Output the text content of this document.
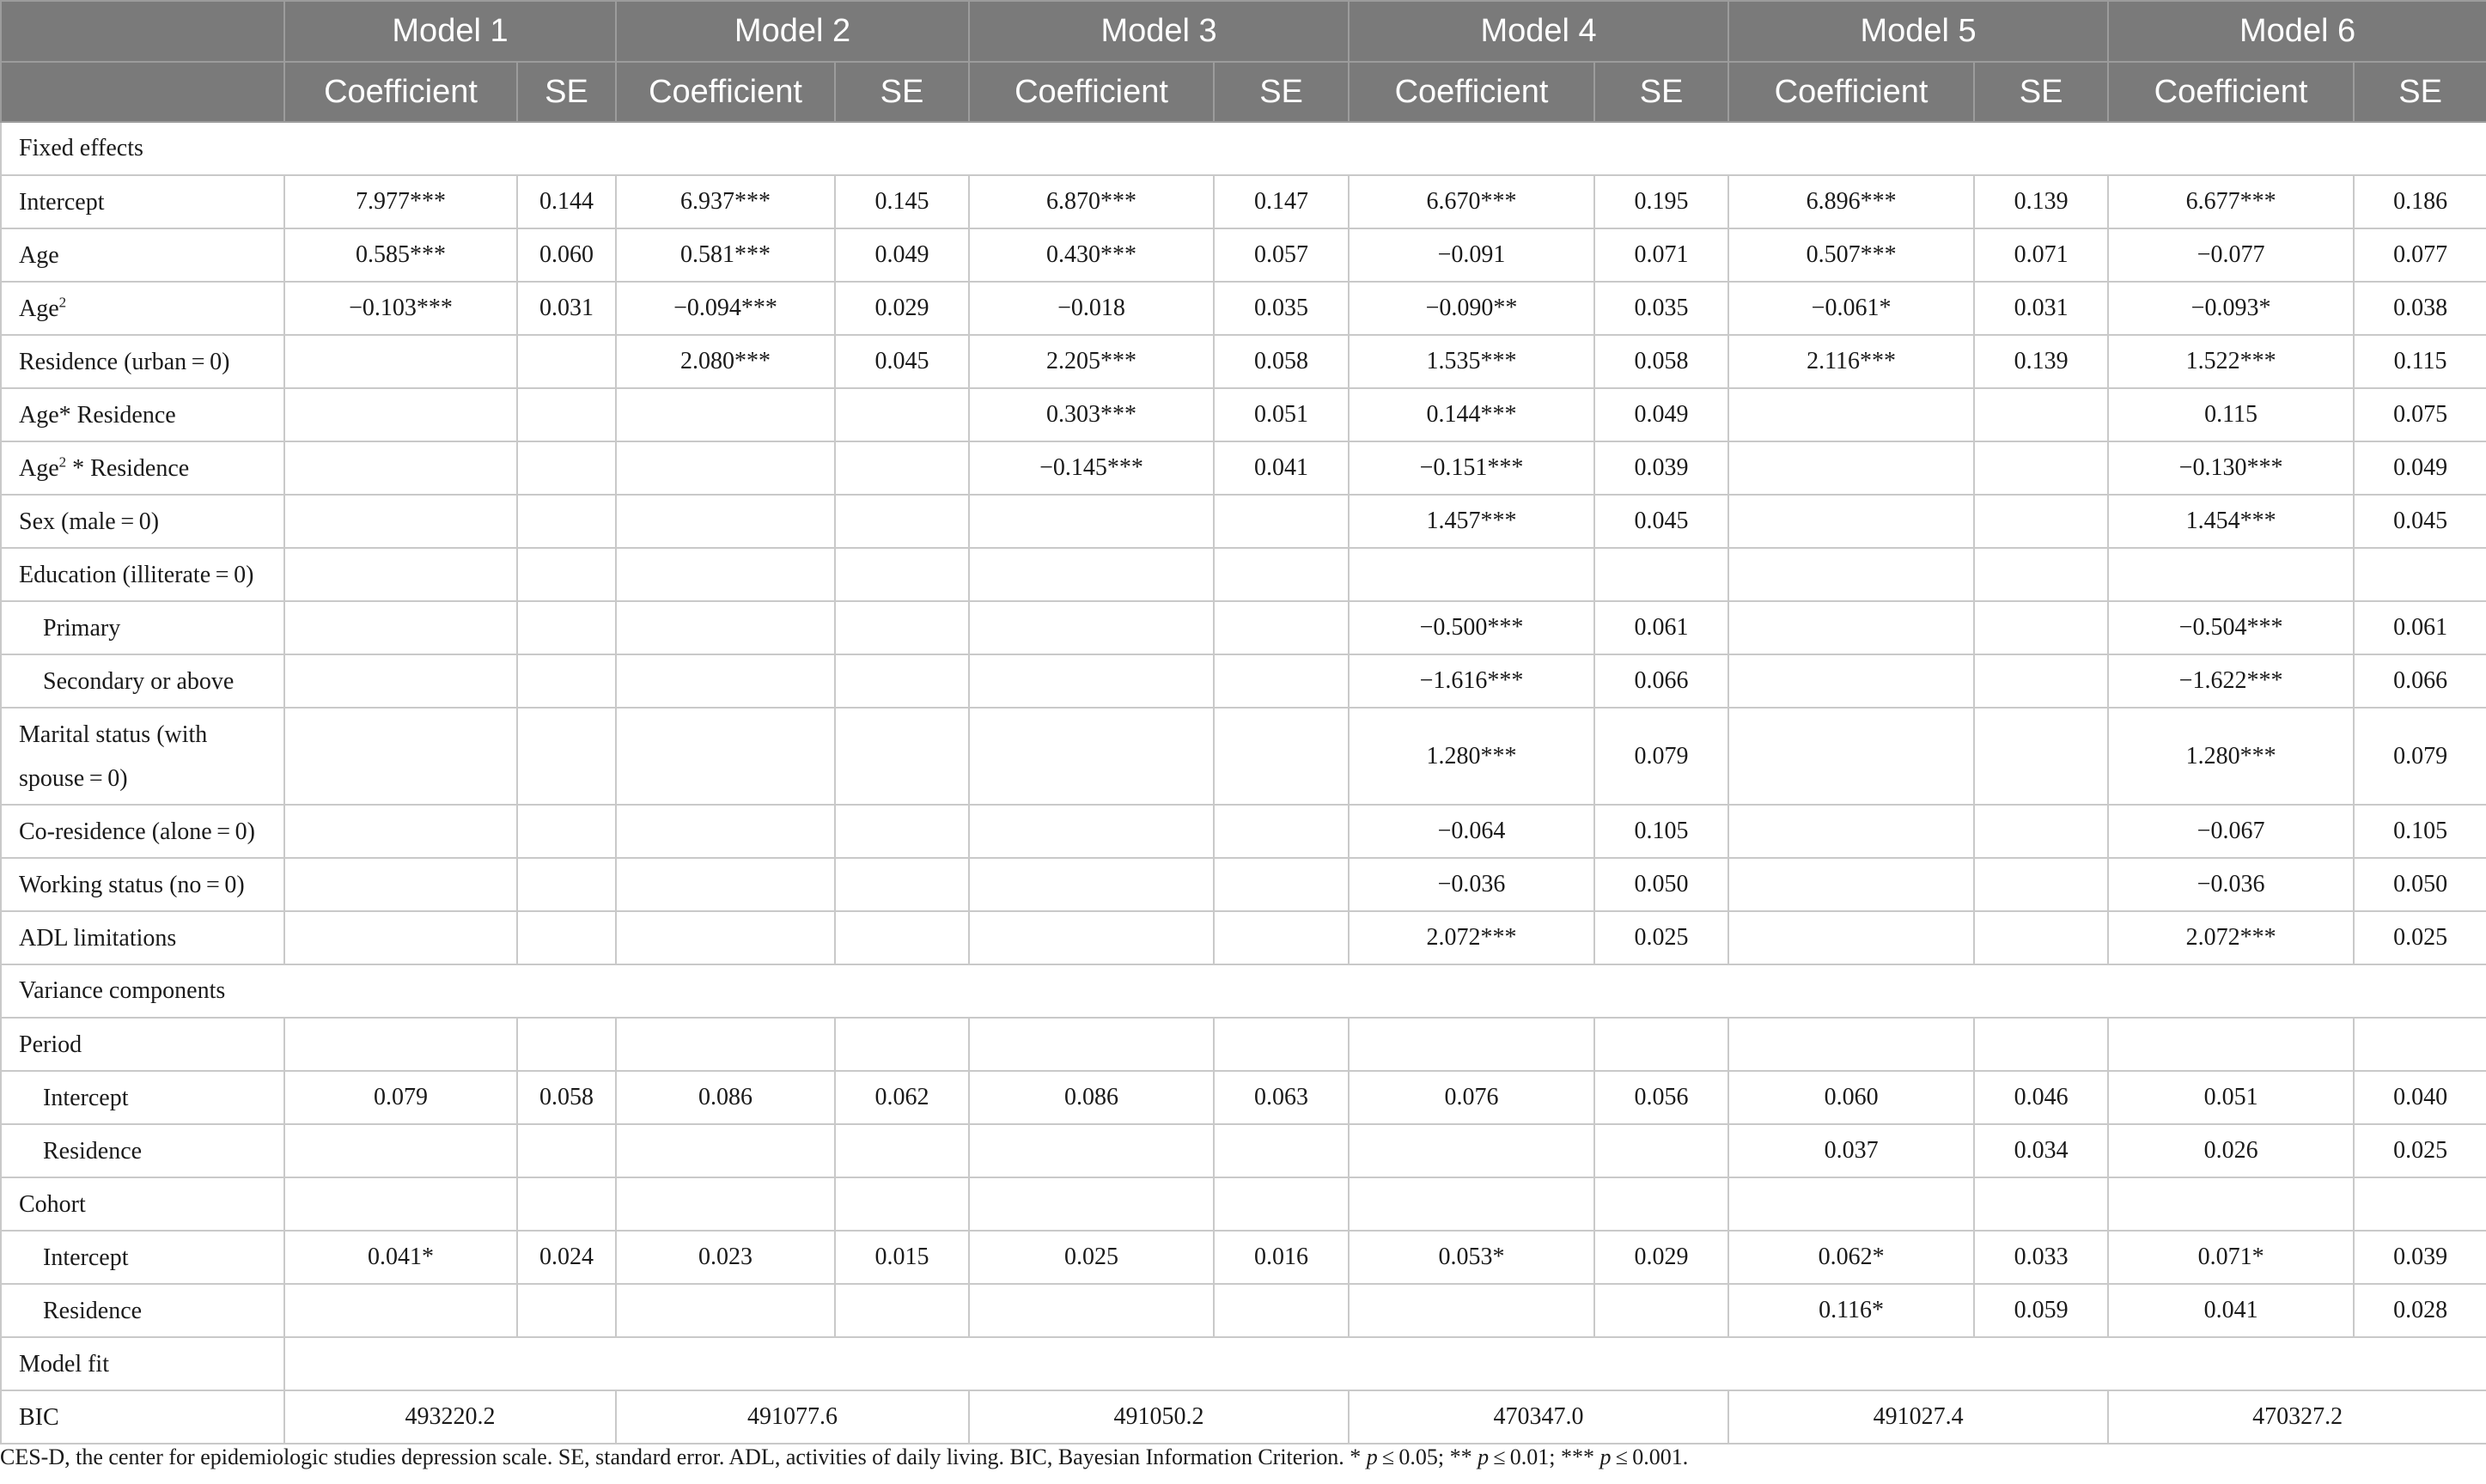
	Model 1		Model 2		Model 3		Model 4		Model 5		Model 6	
	Coefficient	SE	Coefficient	SE	Coefficient	SE	Coefficient	SE	Coefficient	SE	Coefficient	SE
Fixed effects												
Intercept	7.977***	0.144	6.937***	0.145	6.870***	0.147	6.670***	0.195	6.896***	0.139	6.677***	0.186
Age	0.585***	0.060	0.581***	0.049	0.430***	0.057	−0.091	0.071	0.507***	0.071	−0.077	0.077
Age$^2$	−0.103***	0.031	−0.094***	0.029	−0.018	0.035	−0.090**	0.035	−0.061*	0.031	−0.093*	0.038
Residence (urban = 0)			2.080***	0.045	2.205***	0.058	1.535***	0.058	2.116***	0.139	1.522***	0.115
Age* Residence					0.303***	0.051	0.144***	0.049			0.115	0.075
Age$^2$ * Residence					−0.145***	0.041	−0.151***	0.039			−0.130***	0.049
Sex (male = 0)							1.457***	0.045			1.454***	0.045
Education (illiterate = 0)												
Primary							−0.500***	0.061			−0.504***	0.061
Secondary or above							−1.616***	0.066			−1.622***	0.066
Marital status (with spouse = 0)							1.280***	0.079			1.280***	0.079
Co-residence (alone = 0)							−0.064	0.105			−0.067	0.105
Working status (no = 0)							−0.036	0.050			−0.036	0.050
ADL limitations							2.072***	0.025			2.072***	0.025
Variance components												
Period												
Intercept	0.079	0.058	0.086	0.062	0.086	0.063	0.076	0.056	0.060	0.046	0.051	0.040
Residence									0.037	0.034	0.026	0.025
Cohort												
Intercept	0.041*	0.024	0.023	0.015	0.025	0.016	0.053*	0.029	0.062*	0.033	0.071*	0.039
Residence									0.116*	0.059	0.041	0.028
Model fit												
BIC	493220.2		491077.6		491050.2		470347.0		491027.4		470327.2	
CES-D, the center for epidemiologic studies depression scale. SE, standard error. ADL, activities of daily living. BIC, Bayesian Information Criterion. * p ≤ 0.05; ** p ≤ 0.01; *** p ≤ 0.001.
